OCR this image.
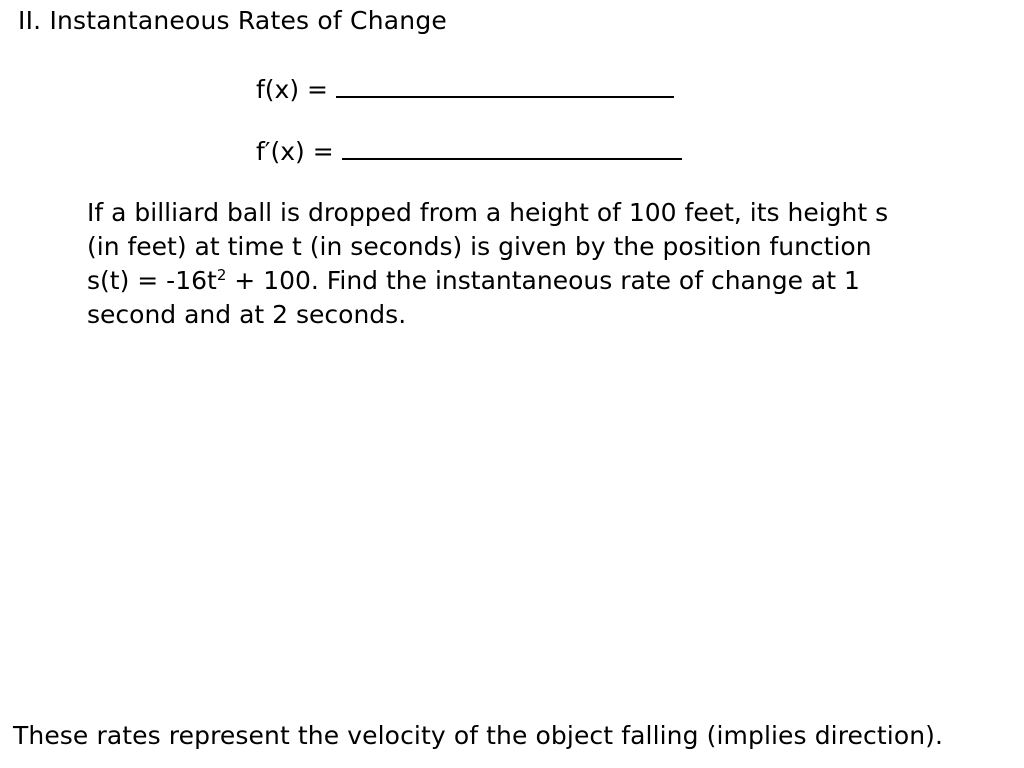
II. Instantaneous Rates of Change
f(x) =
f′(x) =
If a billiard ball is dropped from a height of 100 feet, its height s
(in feet) at time t (in seconds) is given by the position function
$s(t) = -16t^2 + 100$. Find the instantaneous rate of change at 1
second and at 2 seconds.
These rates represent the velocity of the object falling (implies direction).
